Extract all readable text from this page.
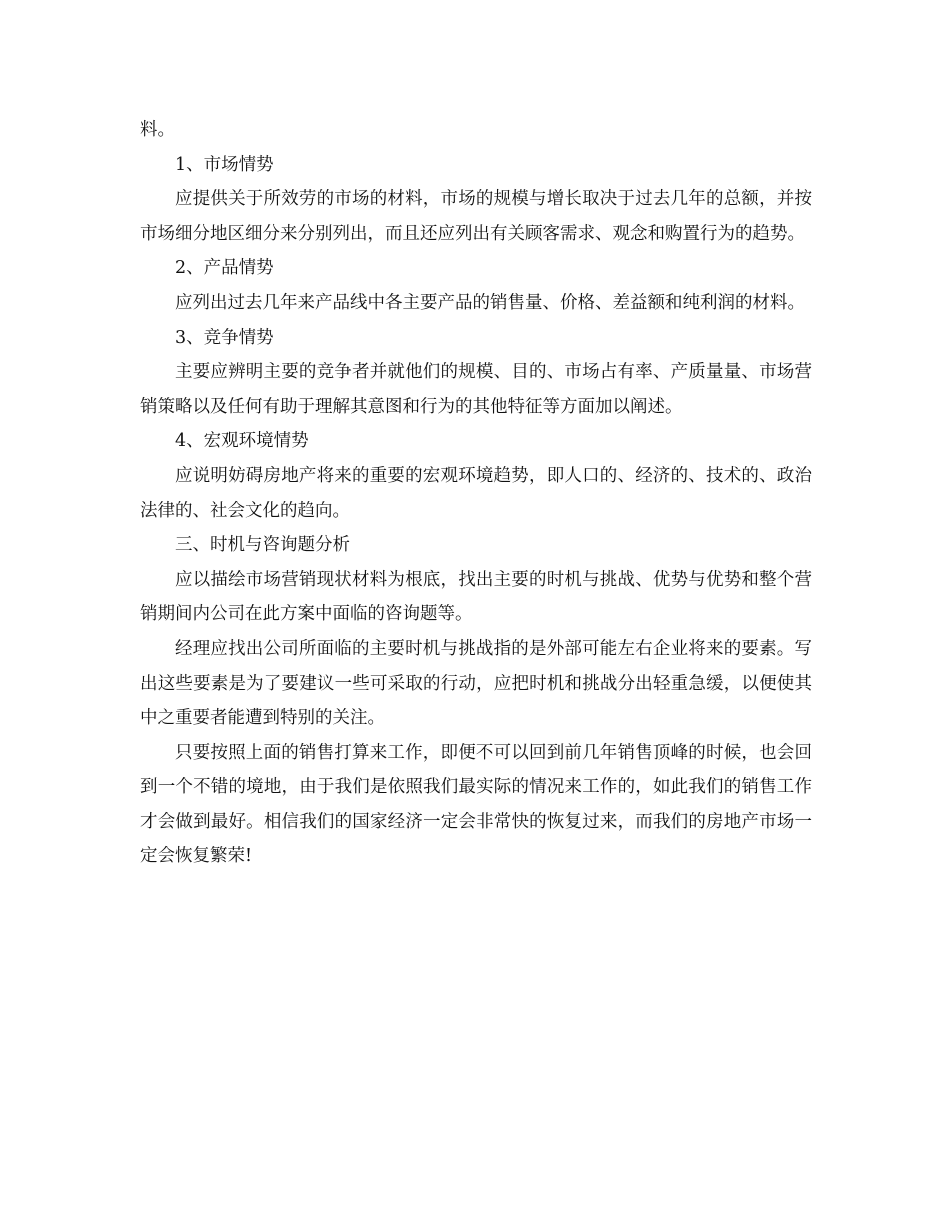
料。

1、市场情势

应提供关于所效劳的市场的材料，市场的规模与增长取决于过去几年的总额，并按市场细分地区细分来分别列出，而且还应列出有关顾客需求、观念和购置行为的趋势。

2、产品情势

应列出过去几年来产品线中各主要产品的销售量、价格、差益额和纯利润的材料。

3、竞争情势

主要应辨明主要的竞争者并就他们的规模、目的、市场占有率、产质量量、市场营销策略以及任何有助于理解其意图和行为的其他特征等方面加以阐述。

4、宏观环境情势

应说明妨碍房地产将来的重要的宏观环境趋势，即人口的、经济的、技术的、政治法律的、社会文化的趋向。

三、时机与咨询题分析

应以描绘市场营销现状材料为根底，找出主要的时机与挑战、优势与优势和整个营销期间内公司在此方案中面临的咨询题等。

经理应找出公司所面临的主要时机与挑战指的是外部可能左右企业将来的要素。写出这些要素是为了要建议一些可采取的行动，应把时机和挑战分出轻重急缓，以便使其中之重要者能遭到特别的关注。

只要按照上面的销售打算来工作，即便不可以回到前几年销售顶峰的时候，也会回到一个不错的境地，由于我们是依照我们最实际的情况来工作的，如此我们的销售工作才会做到最好。相信我们的国家经济一定会非常快的恢复过来，而我们的房地产市场一定会恢复繁荣!
